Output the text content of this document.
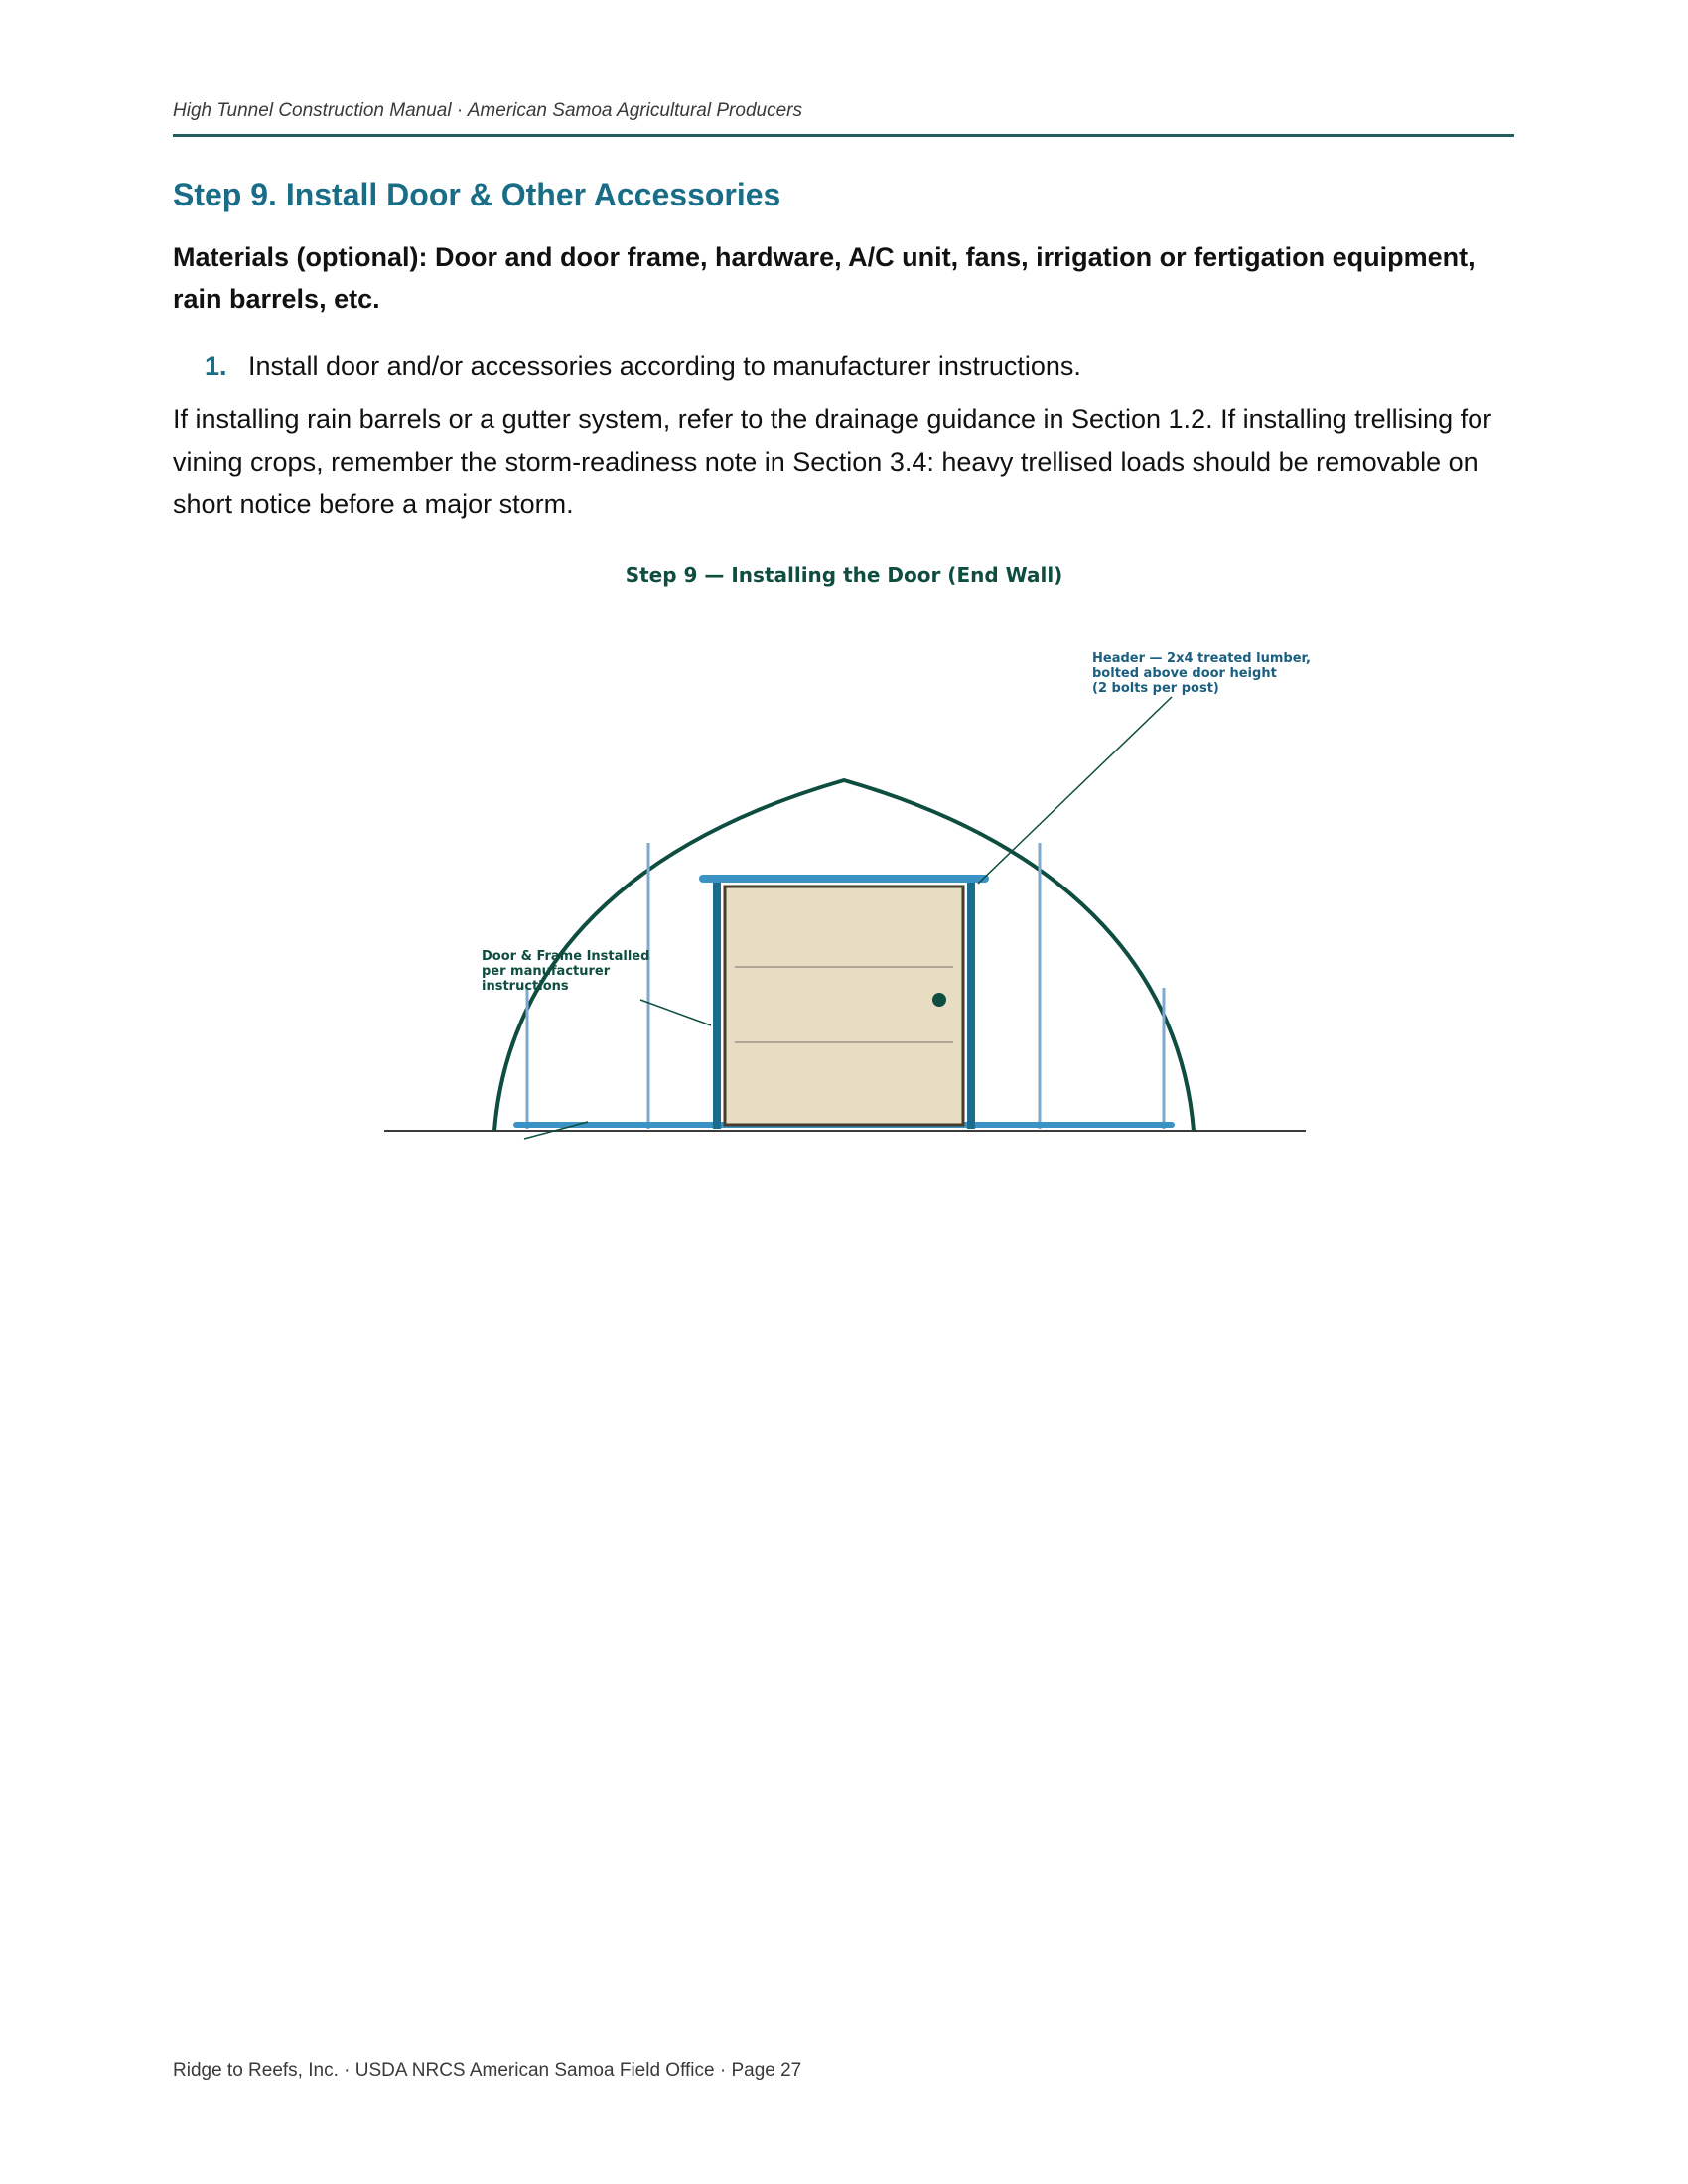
High Tunnel Construction Manual · American Samoa Agricultural Producers
Step 9. Install Door & Other Accessories

Materials (optional): Door and door frame, hardware, A/C unit, fans, irrigation or fertigation equipment, rain barrels, etc.

1. Install door and/or accessories according to manufacturer instructions.

If installing rain barrels or a gutter system, refer to the drainage guidance in Section 1.2. If installing trellising for vining crops, remember the storm-readiness note in Section 3.4: heavy trellised loads should be removable on short notice before a major storm.

Step 9 — Installing the Door (End Wall)
Header — 2x4 treated lumber,
bolted above door height
(2 bolts per post)
Door & Frame Installed
per manufacturer
instructions
Ridge to Reefs, Inc. · USDA NRCS American Samoa Field Office · Page 27
